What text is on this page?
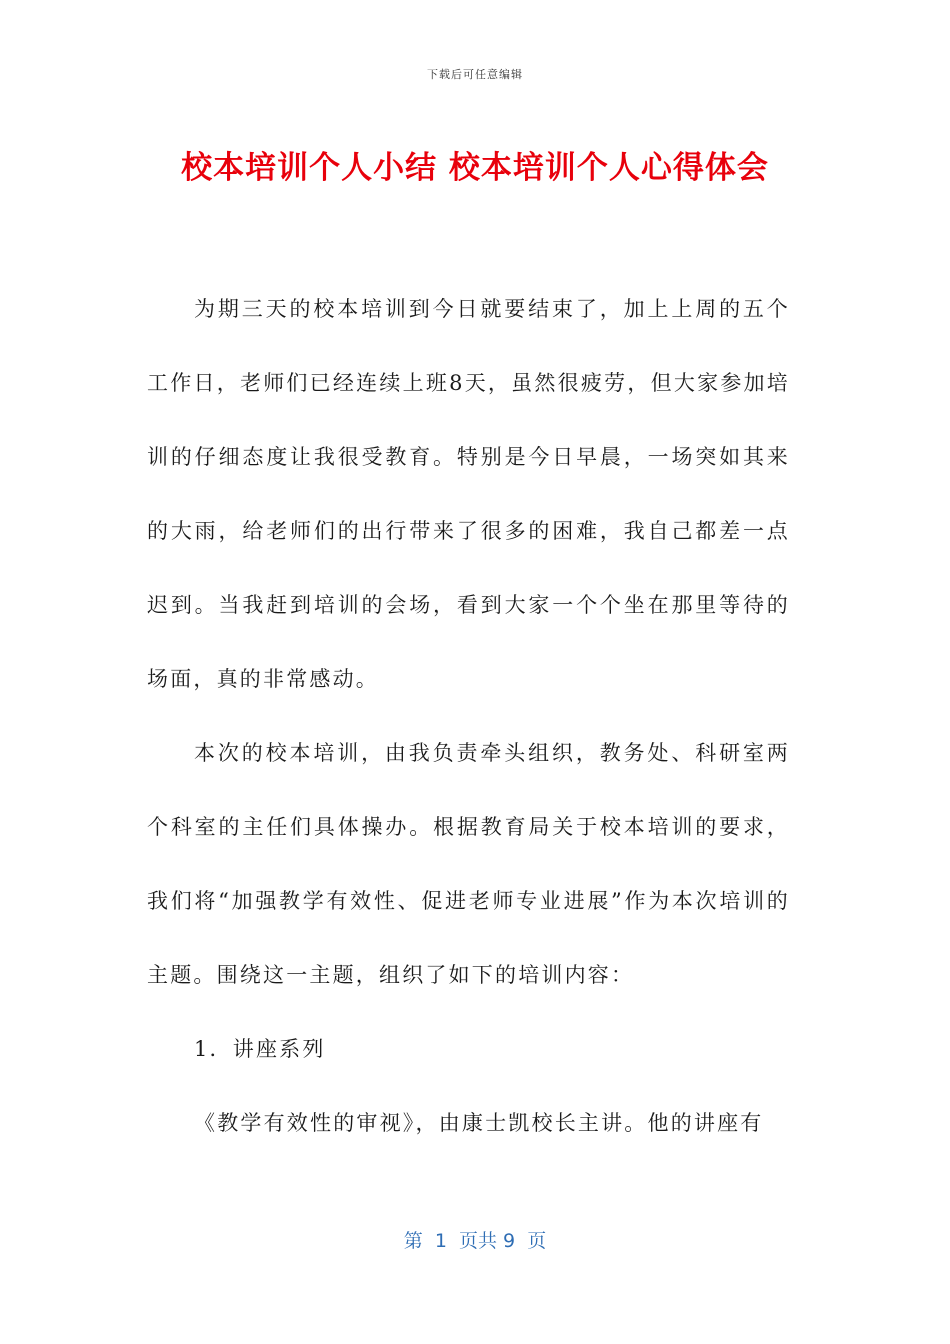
下载后可任意编辑
校本培训个人小结 校本培训个人心得体会

为期三天的校本培训到今日就要结束了，加上上周的五个工作日，老师们已经连续上班8天，虽然很疲劳，但大家参加培训的仔细态度让我很受教育。特别是今日早晨，一场突如其来的大雨，给老师们的出行带来了很多的困难，我自己都差一点迟到。当我赶到培训的会场，看到大家一个个坐在那里等待的场面，真的非常感动。

本次的校本培训，由我负责牵头组织，教务处、科研室两个科室的主任们具体操办。根据教育局关于校本培训的要求，我们将“加强教学有效性、促进老师专业进展”作为本次培训的主题。围绕这一主题，组织了如下的培训内容：

1．讲座系列

《教学有效性的审视》，由康士凯校长主讲。他的讲座有

第  1  页共 9  页
